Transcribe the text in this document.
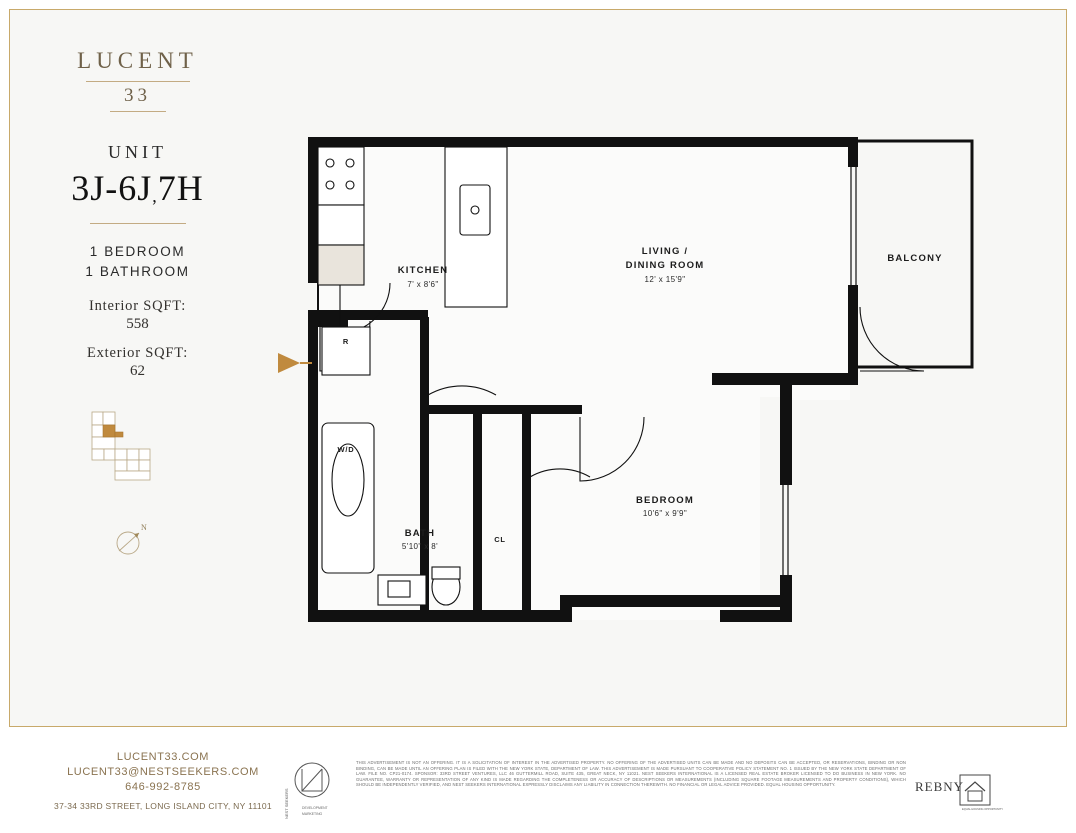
LUCENT
33
UNIT
3J-6J,7H
1 BEDROOM
1 BATHROOM
Interior SQFT:
558
Exterior SQFT:
62
N
KITCHEN
7' x 8'6"
LIVING /
DINING ROOM
12' x 15'9"
BALCONY
BEDROOM
10'6" x 9'9"
BATH
5'10" x 8'
R
W/D
CL
LUCENT33.COM
LUCENT33@NESTSEEKERS.COM
646-992-8785
37-34 33RD STREET, LONG ISLAND CITY, NY 11101	NEST SEEKERS	DEVELOPMENT
MARKETING
THIS ADVERTISEMENT IS NOT AN OFFERING. IT IS A SOLICITATION OF INTEREST IN THE ADVERTISED PROPERTY. NO OFFERING OF THE ADVERTISED UNITS CAN BE MADE AND NO DEPOSITS CAN BE ACCEPTED, OR RESERVATIONS, BINDING OR NON BINDING, CAN BE MADE UNTIL AN OFFERING PLAN IS FILED WITH THE NEW YORK STATE, DEPARTMENT OF LAW. THIS ADVERTISEMENT IS MADE PURSUANT TO COOPERATIVE POLICY STATEMENT NO. 1 ISSUED BY THE NEW YORK STATE DEPARTMENT OF LAW. FILE NO. CP21-0174. SPONSOR: 33RD STREET VENTURES, LLC 46 GUTTERMILL ROAD, SUITE 435, GREAT NECK, NY 11021. NEST SEEKERS INTERNATIONAL IS A LICENSED REAL ESTATE BROKER LICENSED TO DO BUSINESS IN NEW YORK. NO GUARANTEE, WARRANTY OR REPRESENTATION OF ANY KIND IS MADE REGARDING THE COMPLETENESS OR ACCURACY OF DESCRIPTIONS OR MEASUREMENTS (INCLUDING SQUARE FOOTAGE MEASUREMENTS AND PROPERTY CONDITIONS), WHICH SHOULD BE INDEPENDENTLY VERIFIED, AND NEST SEEKERS INTERNATIONAL EXPRESSLY DISCLAIMS ANY LIABILITY IN CONNECTION THEREWITH. NO FINANCIAL OR LEGAL ADVICE PROVIDED. EQUAL HOUSING OPPORTUNITY.
EQUAL HOUSING OPPORTUNITY
REBNY
